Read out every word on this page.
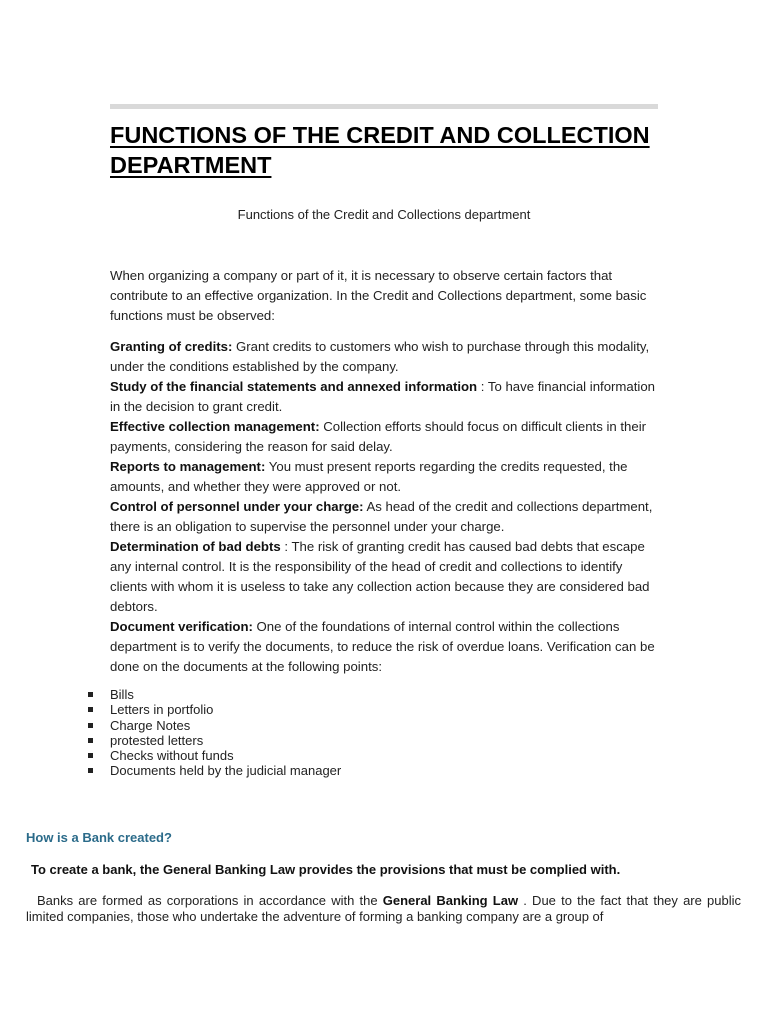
FUNCTIONS OF THE CREDIT AND COLLECTION DEPARTMENT
Functions of the Credit and Collections department

When organizing a company or part of it, it is necessary to observe certain factors that contribute to an effective organization. In the Credit and Collections department, some basic functions must be observed:

Granting of credits: Grant credits to customers who wish to purchase through this modality, under the conditions established by the company.

Study of the financial statements and annexed information : To have financial information in the decision to grant credit.

Effective collection management: Collection efforts should focus on difficult clients in their payments, considering the reason for said delay.

Reports to management: You must present reports regarding the credits requested, the amounts, and whether they were approved or not.

Control of personnel under your charge: As head of the credit and collections department, there is an obligation to supervise the personnel under your charge.

Determination of bad debts : The risk of granting credit has caused bad debts that escape any internal control. It is the responsibility of the head of credit and collections to identify clients with whom it is useless to take any collection action because they are considered bad debtors.

Document verification: One of the foundations of internal control within the collections department is to verify the documents, to reduce the risk of overdue loans. Verification can be done on the documents at the following points:

Bills
Letters in portfolio
Charge Notes
protested letters
Checks without funds
Documents held by the judicial manager
How is a Bank created?

To create a bank, the General Banking Law provides the provisions that must be complied with.

Banks are formed as corporations in accordance with the General Banking Law . Due to the fact that they are public limited companies, those who undertake the adventure of forming a banking company are a group of
